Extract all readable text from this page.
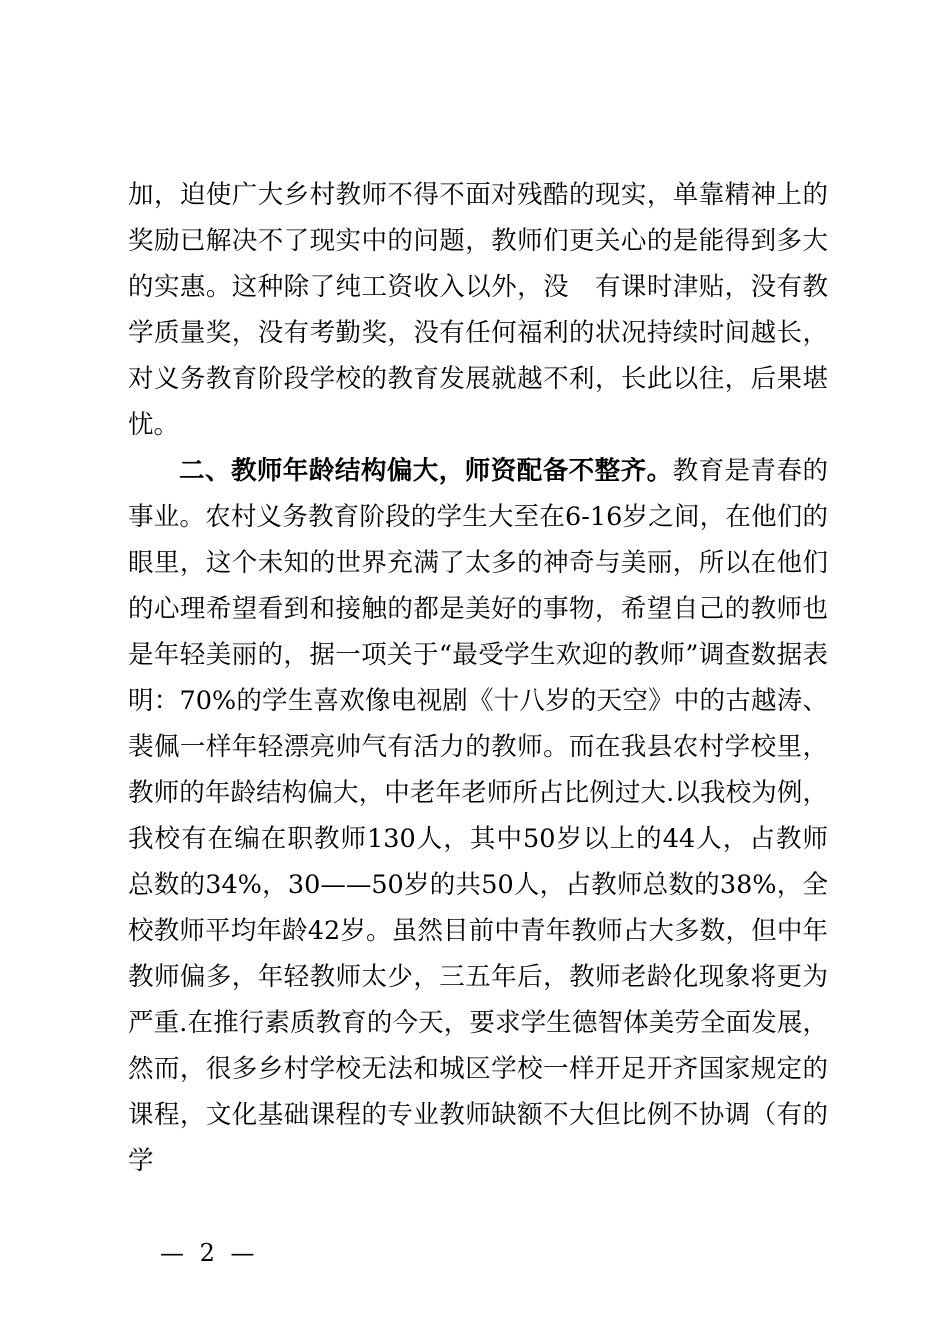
加，迫使广大乡村教师不得不面对残酷的现实，单靠精神上的奖励已解决不了现实中的问题，教师们更关心的是能得到多大的实惠。这种除了纯工资收入以外，没　有课时津贴，没有教学质量奖，没有考勤奖，没有任何福利的状况持续时间越长，对义务教育阶段学校的教育发展就越不利，长此以往，后果堪忧。

二、教师年龄结构偏大，师资配备不整齐。教育是青春的事业。农村义务教育阶段的学生大至在6-16岁之间，在他们的眼里，这个未知的世界充满了太多的神奇与美丽，所以在他们的心理希望看到和接触的都是美好的事物，希望自己的教师也是年轻美丽的，据一项关于“最受学生欢迎的教师”调查数据表明：70%的学生喜欢像电视剧《十八岁的天空》中的古越涛、裴佩一样年轻漂亮帅气有活力的教师。而在我县农村学校里，教师的年龄结构偏大，中老年老师所占比例过大.以我校为例，我校有在编在职教师130人，其中50岁以上的44人，占教师总数的34%，30——50岁的共50人，占教师总数的38%，全校教师平均年龄42岁。虽然目前中青年教师占大多数，但中年教师偏多，年轻教师太少，三五年后，教师老龄化现象将更为严重.在推行素质教育的今天，要求学生德智体美劳全面发展，然而，很多乡村学校无法和城区学校一样开足开齐国家规定的课程，文化基础课程的专业教师缺额不大但比例不协调（有的学

— 2 —
